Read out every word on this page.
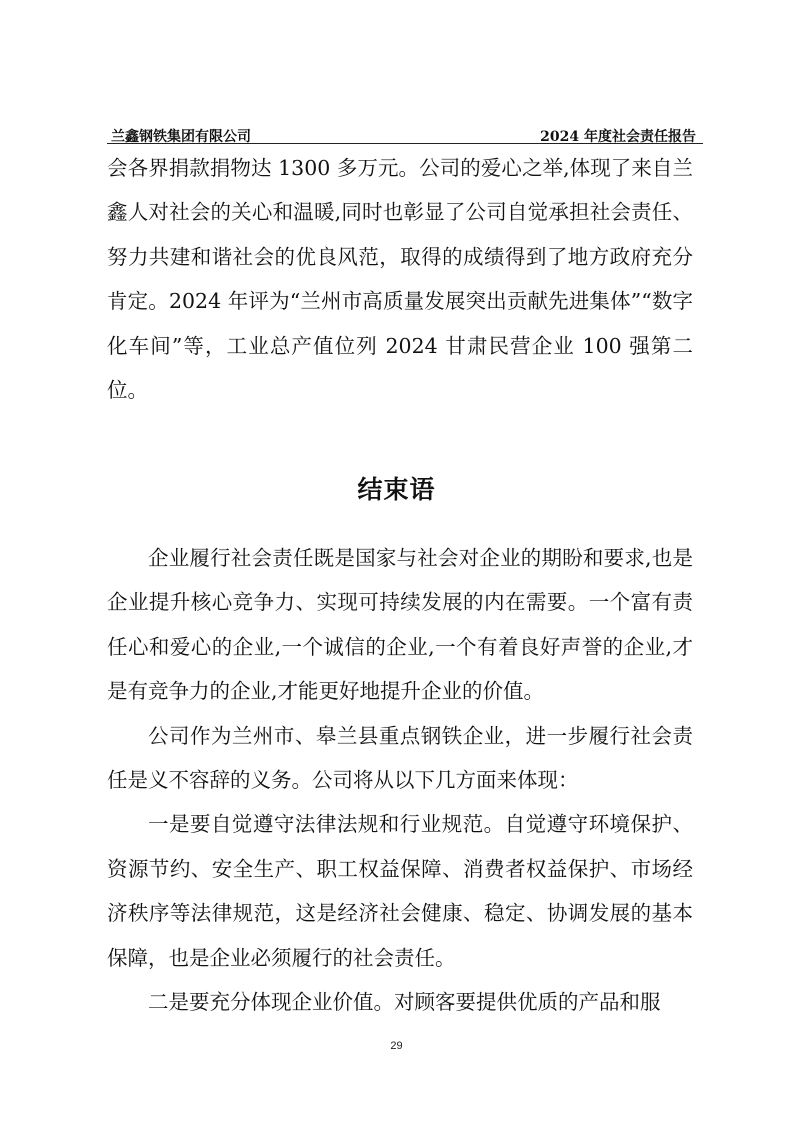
兰鑫钢铁集团有限公司	2024 年度社会责任报告

会各界捐款捐物达 1300 多万元。公司的爱心之举,体现了来自兰鑫人对社会的关心和温暖,同时也彰显了公司自觉承担社会责任、努力共建和谐社会的优良风范，取得的成绩得到了地方政府充分肯定。2024 年评为“兰州市高质量发展突出贡献先进集体”“数字化车间”等，工业总产值位列 2024 甘肃民营企业 100 强第二位。

结束语

企业履行社会责任既是国家与社会对企业的期盼和要求,也是企业提升核心竞争力、实现可持续发展的内在需要。一个富有责任心和爱心的企业,一个诚信的企业,一个有着良好声誉的企业,才是有竞争力的企业,才能更好地提升企业的价值。

公司作为兰州市、皋兰县重点钢铁企业，进一步履行社会责任是义不容辞的义务。公司将从以下几方面来体现：

一是要自觉遵守法律法规和行业规范。自觉遵守环境保护、资源节约、安全生产、职工权益保障、消费者权益保护、市场经济秩序等法律规范，这是经济社会健康、稳定、协调发展的基本保障，也是企业必须履行的社会责任。

二是要充分体现企业价值。对顾客要提供优质的产品和服

29
